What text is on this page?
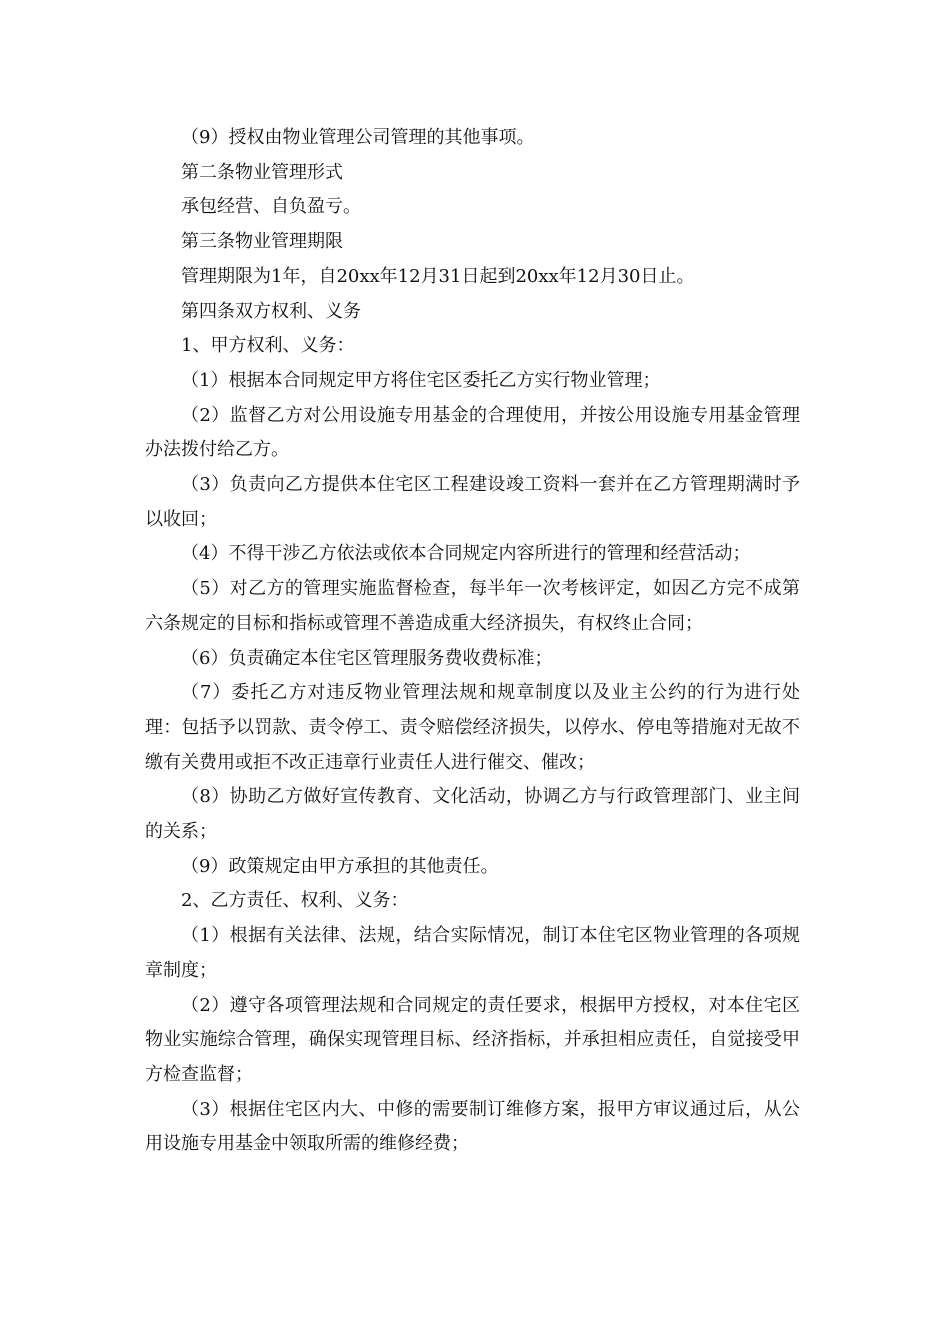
（9）授权由物业管理公司管理的其他事项。

第二条物业管理形式

承包经营、自负盈亏。

第三条物业管理期限

管理期限为1年，自20xx年12月31日起到20xx年12月30日止。

第四条双方权利、义务

1、甲方权利、义务：

（1）根据本合同规定甲方将住宅区委托乙方实行物业管理；

（2）监督乙方对公用设施专用基金的合理使用，并按公用设施专用基金管理办法拨付给乙方。

（3）负责向乙方提供本住宅区工程建设竣工资料一套并在乙方管理期满时予以收回；

（4）不得干涉乙方依法或依本合同规定内容所进行的管理和经营活动；

（5）对乙方的管理实施监督检查，每半年一次考核评定，如因乙方完不成第六条规定的目标和指标或管理不善造成重大经济损失，有权终止合同；

（6）负责确定本住宅区管理服务费收费标准；

（7）委托乙方对违反物业管理法规和规章制度以及业主公约的行为进行处理：包括予以罚款、责令停工、责令赔偿经济损失，以停水、停电等措施对无故不缴有关费用或拒不改正违章行业责任人进行催交、催改；

（8）协助乙方做好宣传教育、文化活动，协调乙方与行政管理部门、业主间的关系；

（9）政策规定由甲方承担的其他责任。

2、乙方责任、权利、义务：

（1）根据有关法律、法规，结合实际情况，制订本住宅区物业管理的各项规章制度；

（2）遵守各项管理法规和合同规定的责任要求，根据甲方授权，对本住宅区物业实施综合管理，确保实现管理目标、经济指标，并承担相应责任，自觉接受甲方检查监督；

（3）根据住宅区内大、中修的需要制订维修方案，报甲方审议通过后，从公用设施专用基金中领取所需的维修经费；
